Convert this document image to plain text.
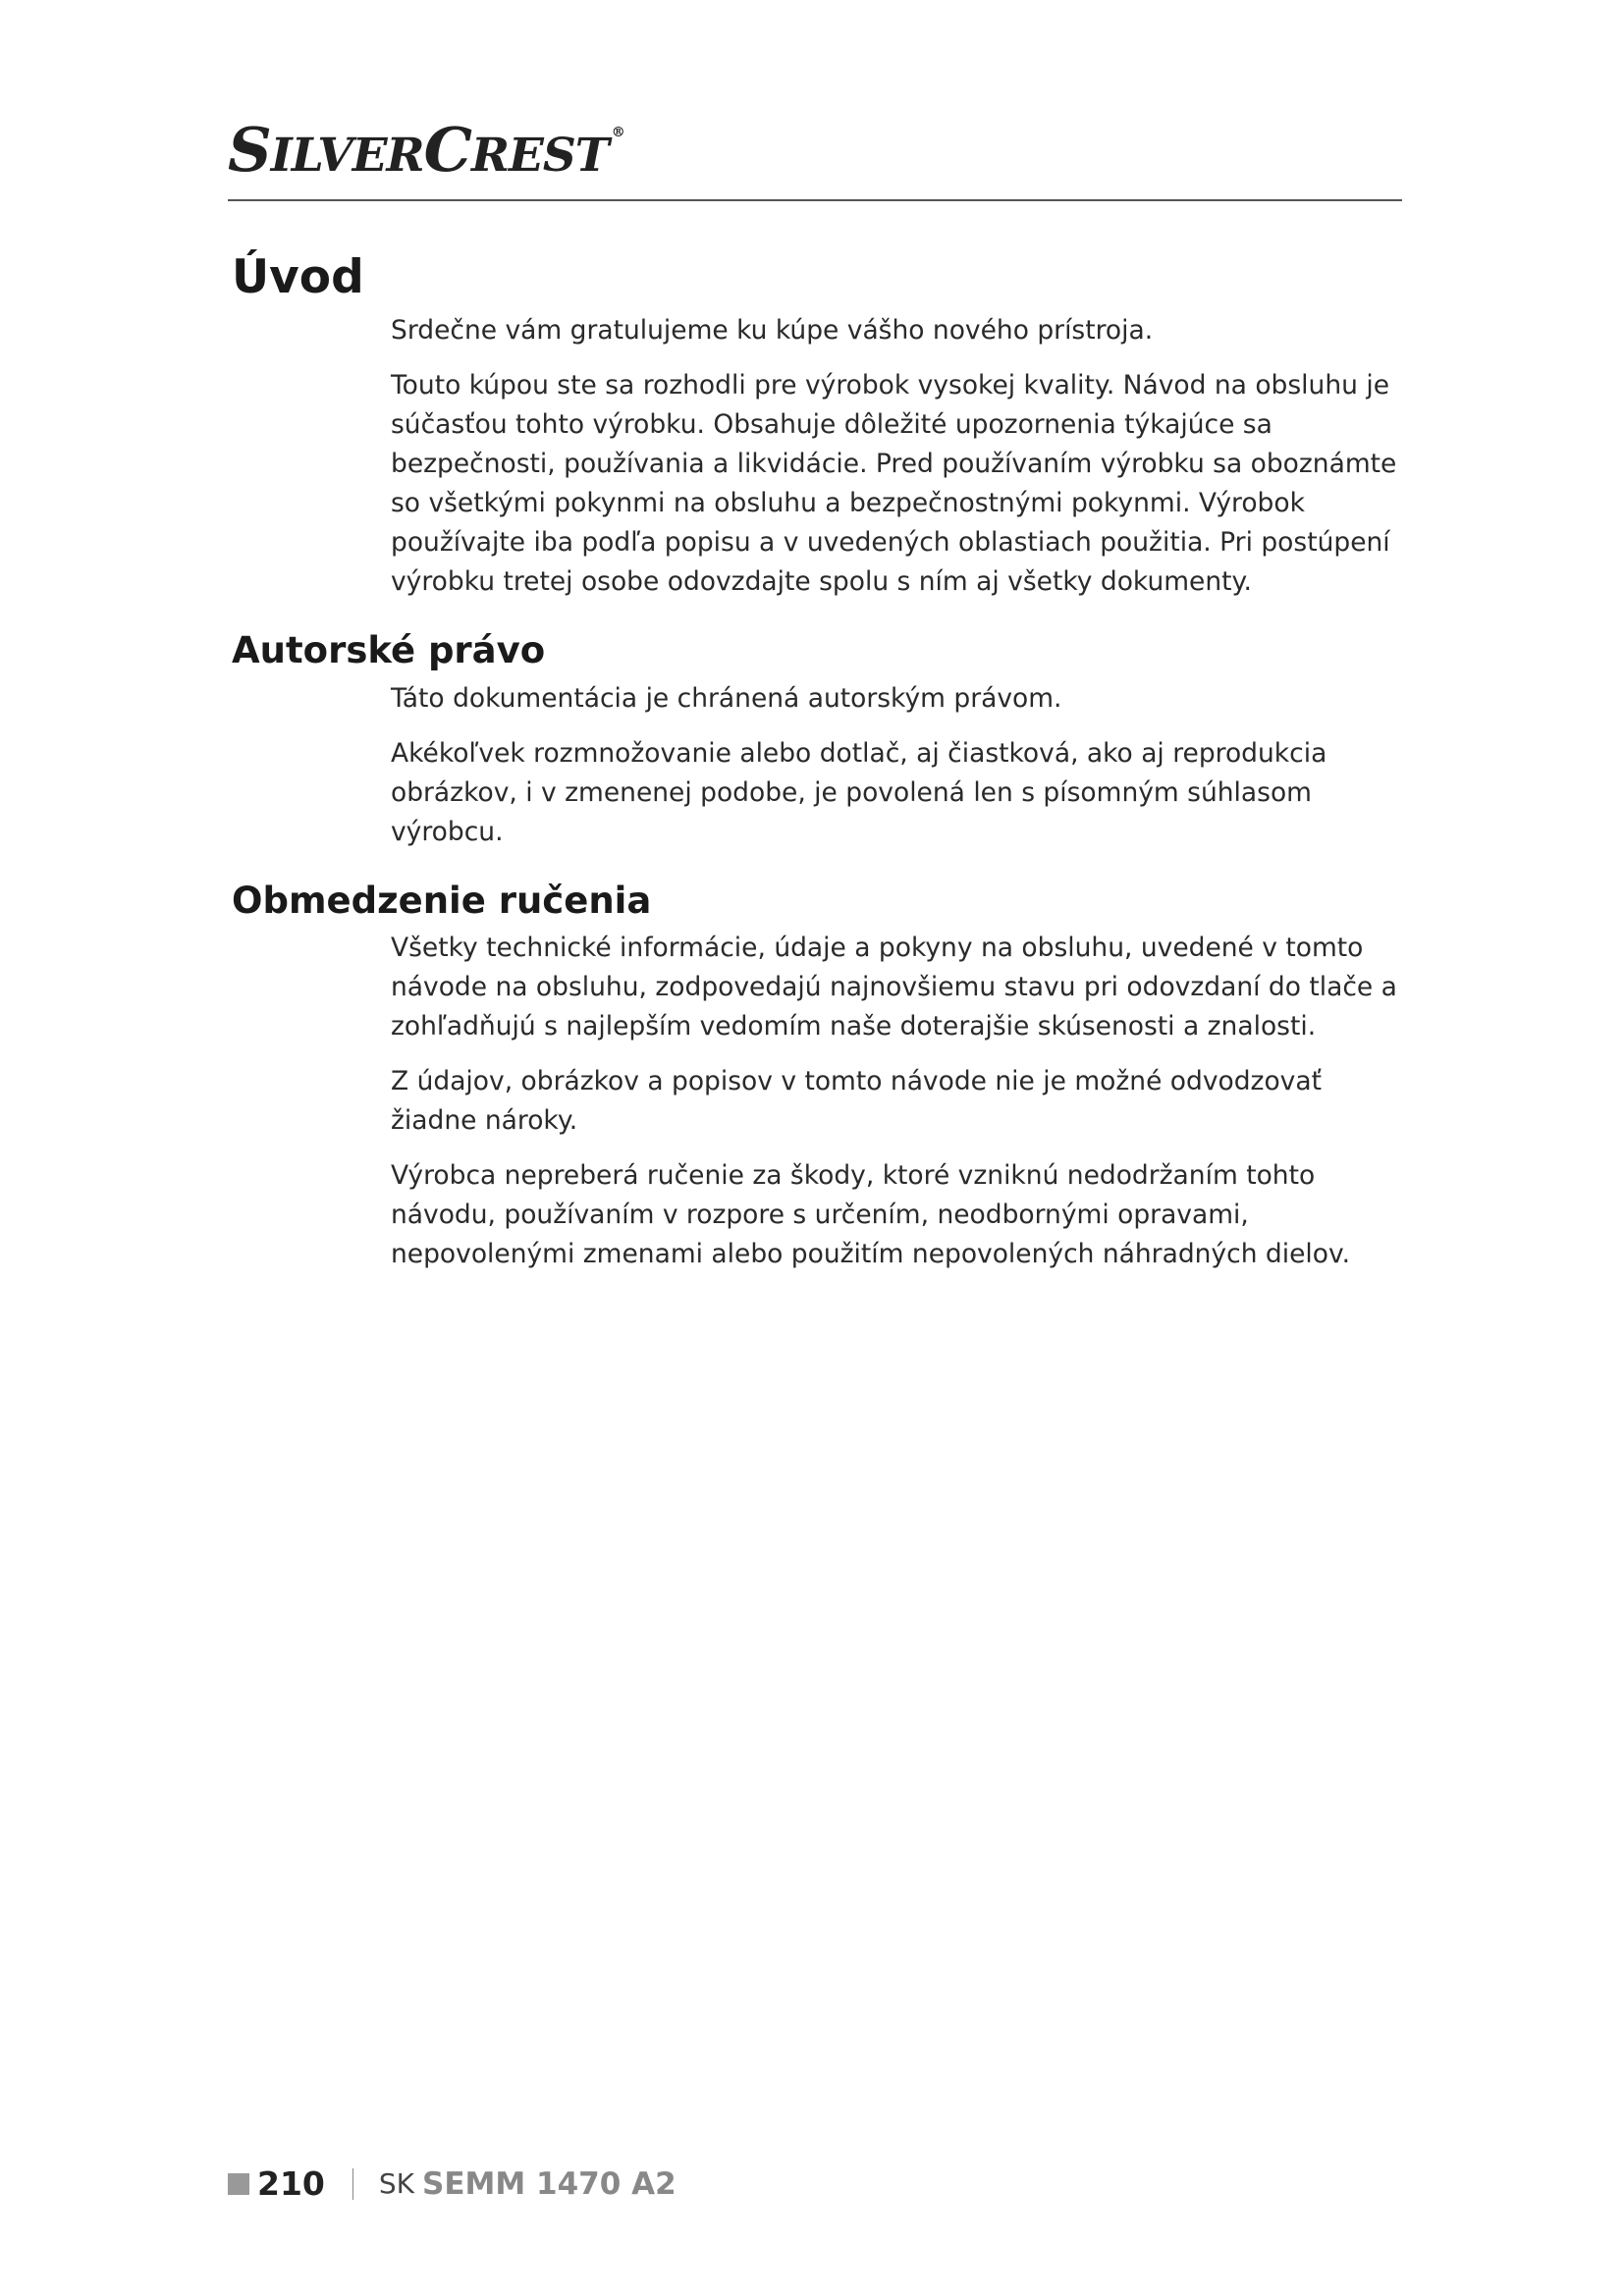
SILVERCREST ®
Úvod

Srdečne vám gratulujeme ku kúpe vášho nového prístroja.

Touto kúpou ste sa rozhodli pre výrobok vysokej kvality. Návod na obsluhu je súčasťou tohto výrobku. Obsahuje dôležité upozornenia týkajúce sa bezpečnosti, používania a likvidácie. Pred používaním výrobku sa oboznámte so všetkými pokynmi na obsluhu a bezpečnostnými pokynmi. Výrobok používajte iba podľa popisu a v uvedených oblastiach použitia. Pri postúpení výrobku tretej osobe odovzdajte spolu s ním aj všetky dokumenty.

Autorské právo

Táto dokumentácia je chránená autorským právom.

Akékoľvek rozmnožovanie alebo dotlač, aj čiastková, ako aj reprodukcia obrázkov, i v zmenenej podobe, je povolená len s písomným súhlasom výrobcu.

Obmedzenie ručenia

Všetky technické informácie, údaje a pokyny na obsluhu, uvedené v tomto návode na obsluhu, zodpovedajú najnovšiemu stavu pri odovzdaní do tlače a zohľadňujú s najlepším vedomím naše doterajšie skúsenosti a znalosti.

Z údajov, obrázkov a popisov v tomto návode nie je možné odvodzovať žiadne nároky.

Výrobca nepreberá ručenie za škody, ktoré vzniknú nedodržaním tohto návodu, používaním v rozpore s určením, neodbornými opravami, nepovolenými zmenami alebo použitím nepovolených náhradných dielov.

210 SK SEMM 1470 A2
